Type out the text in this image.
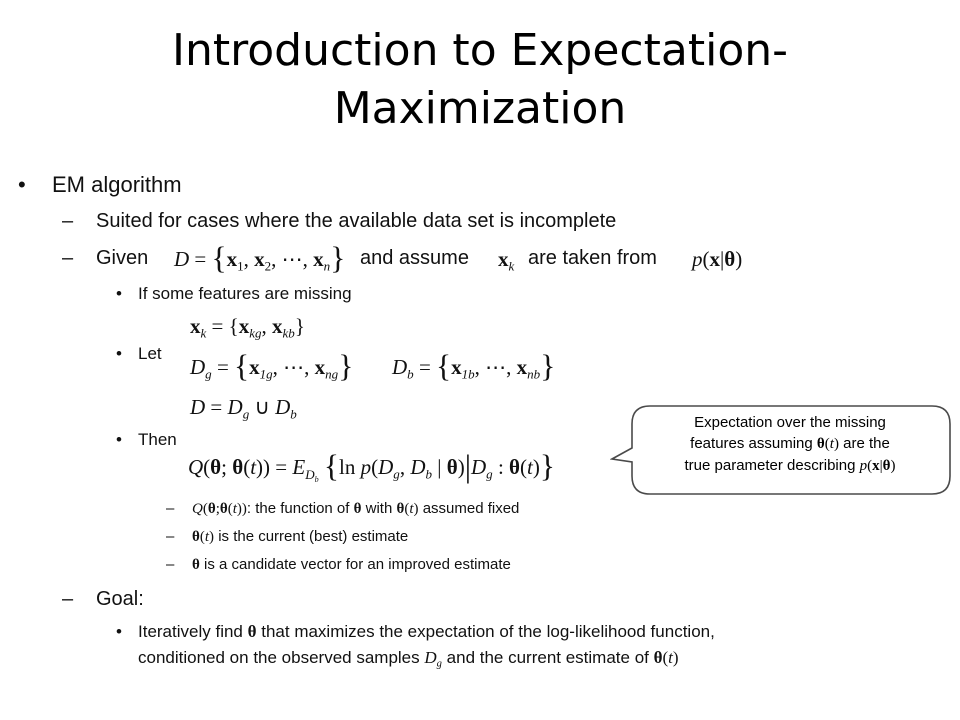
Introduction to Expectation-
Maximization
• EM algorithm
– Suited for cases where the available data set is incomplete
– Given $D = \{x_1$, $x_2$, ⋯, $x_n$} and assume $x_k$ are taken from p(x|θ)
• If some features are missing
$x_k = \{x_{kg}$, $x_{kb}$}
• Let
$D_g = \{x_{1g}$, ⋯, $x_{ng}$} $D_b = \{x_{1b}$, ⋯, $x_{nb}$}
$D = D_g$ ∪ $D_b$
• Then
Q(θ; $\theta(t)) = E_{D_b}$ {ln $p(D_g$, $D_b$ | $\theta)|D_g$ : θ(t)}
Expectation over the missing
features assuming θ(t) are the
true parameter describing p(x|θ)
– Q(θ;θ(t)): the function of θ with θ(t) assumed fixed
– θ(t) is the current (best) estimate
– θ is a candidate vector for an improved estimate
– Goal:
• Iteratively find θ that maximizes the expectation of the log-likelihood function,
conditioned on the observed samples $D_g$ and the current estimate of θ(t)
